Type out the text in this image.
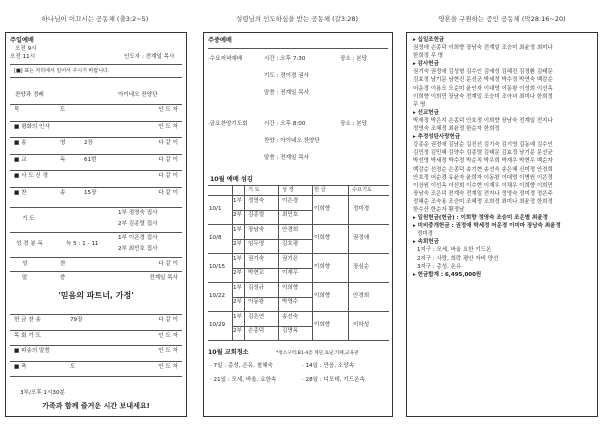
하나님이 이끄시는 공동체 (출3:2~5)
주일예배
오전 9시
오전 11시	인도자 : 전계일 목사
[■] 표는 자리에서 일어서 주시기 바랍니다.
찬양과 경배	아이네오 찬양단
묵	도	인 도 자
■ 평화의 인사	인 도 자
■ 송	영	2장	다 같 이
■ 교	독	61번	다 같 이
■ 사 도 신 경	다 같 이
■ 찬	송	15장	다 같 이
기 도
1부 정영숙 집사
2부 김종렬 집사
성 경 봉 독	눅 5 : 1 - 11
1부 이은경 집사
2부 최민호 집사
성	찬	다 같 이
말	씀	전계일 목사
'믿음의 파트너, 가정'
헌 금 찬 송	79장	다 같 이
목 회 기 도	인 도 자
■ 파송의 말씀	인 도 자
■ 축	도	인 도 자
3부/오후 1시30분
가족과 함께 즐거운 시간 보내세요!
성령님의 인도하심을 받는 공동체 (갈3:28)
주중예배
·수요저녁예배	시간 : 오후 7:30	장소 : 본당
기도 : 정이경 권사
말씀 : 전계일 목사
·금요찬양기도회	시간 : 오후 8:00	장소 : 본당
찬양 : 아이네오 찬양단
말씀 : 전계일 목사
10월 예배 섬김
기 도	성 경	헌 금	수요기도
10/1
1부 정영숙	이은경
2부 김종렬	최민호
이희향	정미경
10/8
1부 장남숙	안경희
2부 임두영	김호평
이희향	권정애
10/15
1부 권기숙	권기은
2부 박현교	이재우
이희향	장심순
10/22
1부 김성규	이희향
2부 이동왕	박영수
이희향	안경희
10/29
1부 김은연	송선숙
2부 손종덕	김명옥
이희향	이하성
10월 교회청소	*청소구역:B1-4층 계단,로당,카페,교육관
· 7일 : 총성, 은유, 철혜숙	· 14일 : 만음, 소망속
· 21일 : 모세, 바울, 요한속	· 28일 : 디모데, 기드온속
영혼을 구원하는 증인 공동체 (막28:16~20)
▸ 십일조헌금
권정애 손종덕 이희향 장남숙 전계일 조승미 최윤정 최미나
한희정 무 명
▸ 감사헌금
권기숙 권정애 김성형 김수인 김애성 김혜진 김정환 김태문
김효정 남기문 남현진 문선군 박세정 박수정 박연숙 백감순
어운경 이용오 오순미 윤인자 이대영 이동왕 이성희 이선옥
이희향 이희민 장남숙 전계일 조승미 조아녀 최미나 한희정
무 명
▸ 선교헌금
박세정 박은지 손종덕 안호정 이희향 장남숙 전계일 전지나
정영숙 조혜정 최윤정 한순자 한희정
▸ 추정성탄사랑헌금
강종운 권정애 김남순 김진선 김기숙 김기영 김동예 김수인
김민정 김민혜 김양수 김종렬 김태문 김효정 남기문 문선균
박선영 박세정 박수정 박순직 박우희 박재우 박현우 백순자
백감순 선정순 손종덕 송기현 송선숙 송은혜 신미정 안정희
안호정 어순경 유윤자 윤희자 이동왕 이대영 이병원 이은정
이상원 이선옥 이선희 이수현 이재우 이채우 이희향 이희민
장남숙 조은덕 전계숙 전계일 전지나 정영숙 정미경 정은주
정혜순 조숙용 조승미 조혜정 조희정 최미나 최윤정 한희정
한수산 한순자 황정남
▸ 일원헌금(헌금) : 이희향 정영숙 조승미 조은별 최윤정
▸ 미비중개헌금 : 권정애 박세정 어운경 이미마 장남숙 최윤정
정미경
▸ 속회헌금
1지구 : 모세, 바울 요한 기드온
2지구 : 사랑, 희락 평안 자비 양선
3지구 : 총성, 온유
▸ 헌금합계 : 6,495,000원
